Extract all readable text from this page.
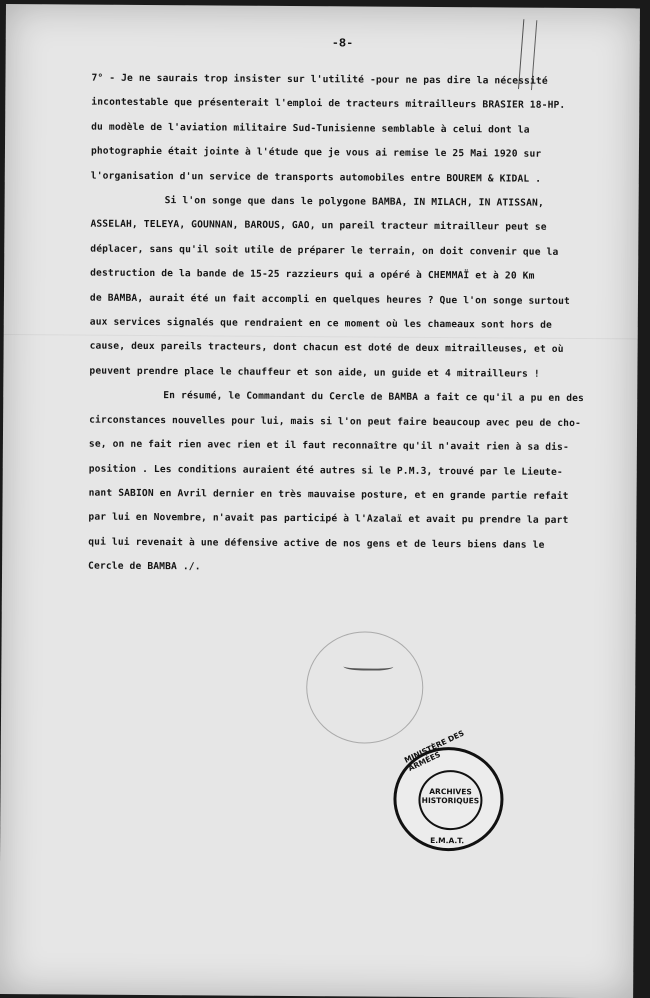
-8-
7° - Je ne saurais trop insister sur l'utilité -pour ne pas dire la nécessité
incontestable que présenterait l'emploi de tracteurs mitrailleurs BRASIER 18-HP.
du modèle de l'aviation militaire Sud-Tunisienne semblable à celui dont la
photographie était jointe à l'étude que je vous ai remise le 25 Mai 1920 sur
l'organisation d'un service de transports automobiles entre BOUREM & KIDAL .
Si l'on songe que dans le polygone BAMBA, IN MILACH, IN ATISSAN,
ASSELAH, TELEYA, GOUNNAN, BAROUS, GAO, un pareil tracteur mitrailleur peut se
déplacer, sans qu'il soit utile de préparer le terrain, on doit convenir que la
destruction de la bande de 15-25 razzieurs qui a opéré à CHEMMAÏ et à 20 Km
de BAMBA, aurait été un fait accompli en quelques heures ? Que l'on songe surtout
aux services signalés que rendraient en ce moment où les chameaux sont hors de
cause, deux pareils tracteurs, dont chacun est doté de deux mitrailleuses, et où
peuvent prendre place le chauffeur et son aide, un guide et 4 mitrailleurs !
En résumé, le Commandant du Cercle de BAMBA a fait ce qu'il a pu en des
circonstances nouvelles pour lui, mais si l'on peut faire beaucoup avec peu de cho-
se, on ne fait rien avec rien et il faut reconnaître qu'il n'avait rien à sa dis-
position . Les conditions auraient été autres si le P.M.3, trouvé par le Lieute-
nant SABION en Avril dernier en très mauvaise posture, et en grande partie refait
par lui en Novembre, n'avait pas participé à l'Azalaï et avait pu prendre la part
qui lui revenait à une défensive active de nos gens et de leurs biens dans le
Cercle de BAMBA ./.
MINISTÈRE DES ARMÉES
ARCHIVES
HISTORIQUES
E.M.A.T.
